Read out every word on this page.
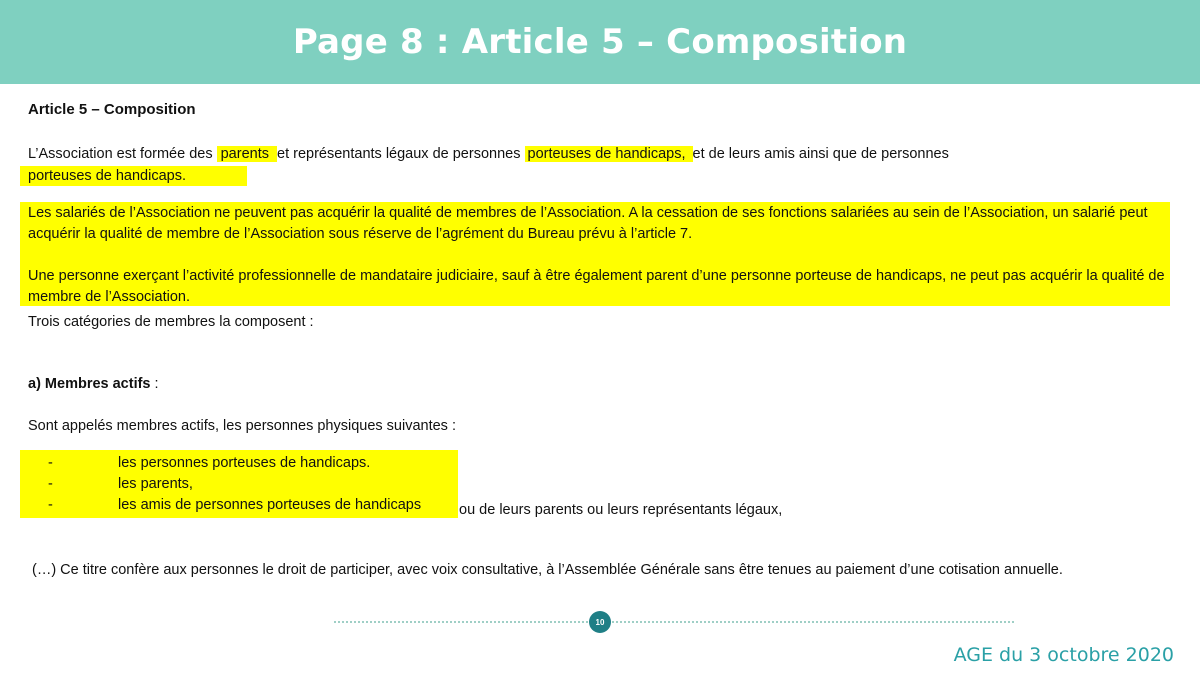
Page 8 : Article 5 – Composition
Article 5 – Composition
L’Association est formée des parents et représentants légaux de personnes porteuses de handicaps, et de leurs amis ainsi que de personnes
porteuses de handicaps.

Les salariés de l’Association ne peuvent pas acquérir la qualité de membres de l’Association. A la cessation de ses fonctions salariées au sein de l’Association, un salarié peut acquérir la qualité de membre de l’Association sous réserve de l’agrément du Bureau prévu à l’article 7.

Une personne exerçant l’activité professionnelle de mandataire judiciaire, sauf à être également parent d’une personne porteuse de handicaps, ne peut pas acquérir la qualité de membre de l’Association.

Trois catégories de membres la composent :
a) Membres actifs :
Sont appelés membres actifs, les personnes physiques suivantes :
-	les personnes porteuses de handicaps.
-	les parents,
-	les amis de personnes porteuses de handicaps	ou de leurs parents ou leurs représentants légaux,
(…) Ce titre confère aux personnes le droit de participer, avec voix consultative, à l’Assemblée Générale sans être tenues au paiement d’une cotisation annuelle.
10
AGE du 3 octobre 2020
